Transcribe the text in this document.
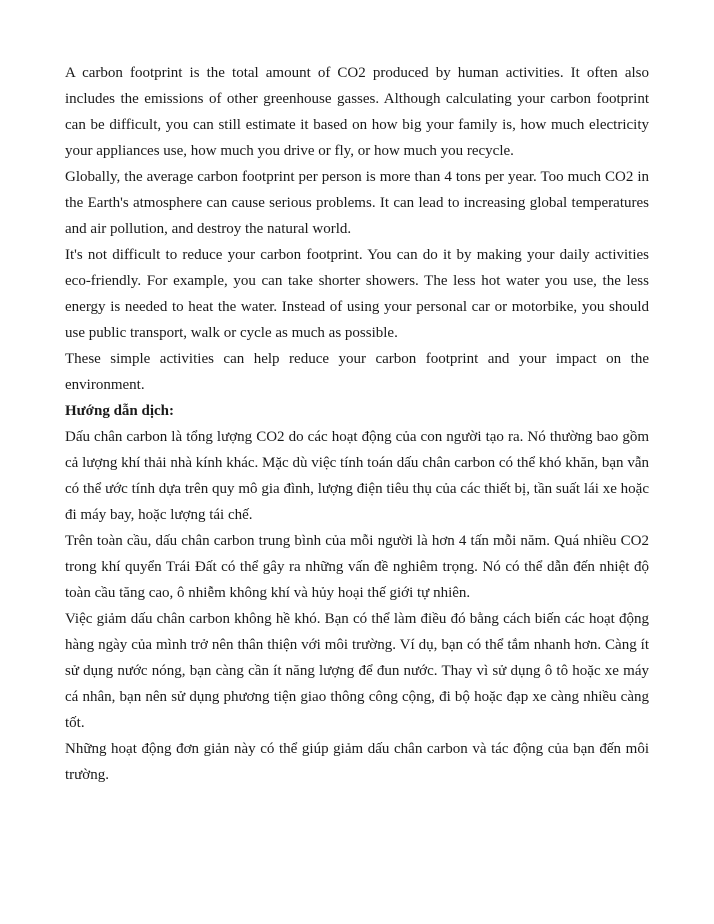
A carbon footprint is the total amount of CO2 produced by human activities. It often also includes the emissions of other greenhouse gasses. Although calculating your carbon footprint can be difficult, you can still estimate it based on how big your family is, how much electricity your appliances use, how much you drive or fly, or how much you recycle.

Globally, the average carbon footprint per person is more than 4 tons per year. Too much CO2 in the Earth's atmosphere can cause serious problems. It can lead to increasing global temperatures and air pollution, and destroy the natural world.

It's not difficult to reduce your carbon footprint. You can do it by making your daily activities eco-friendly. For example, you can take shorter showers. The less hot water you use, the less energy is needed to heat the water. Instead of using your personal car or motorbike, you should use public transport, walk or cycle as much as possible.

These simple activities can help reduce your carbon footprint and your impact on the environment.

Hướng dẫn dịch:

Dấu chân carbon là tổng lượng CO2 do các hoạt động của con người tạo ra. Nó thường bao gồm cả lượng khí thải nhà kính khác. Mặc dù việc tính toán dấu chân carbon có thể khó khăn, bạn vẫn có thể ước tính dựa trên quy mô gia đình, lượng điện tiêu thụ của các thiết bị, tần suất lái xe hoặc đi máy bay, hoặc lượng tái chế.

Trên toàn cầu, dấu chân carbon trung bình của mỗi người là hơn 4 tấn mỗi năm. Quá nhiều CO2 trong khí quyển Trái Đất có thể gây ra những vấn đề nghiêm trọng. Nó có thể dẫn đến nhiệt độ toàn cầu tăng cao, ô nhiễm không khí và hủy hoại thế giới tự nhiên.

Việc giảm dấu chân carbon không hề khó. Bạn có thể làm điều đó bằng cách biến các hoạt động hàng ngày của mình trở nên thân thiện với môi trường. Ví dụ, bạn có thể tắm nhanh hơn. Càng ít sử dụng nước nóng, bạn càng cần ít năng lượng để đun nước. Thay vì sử dụng ô tô hoặc xe máy cá nhân, bạn nên sử dụng phương tiện giao thông công cộng, đi bộ hoặc đạp xe càng nhiều càng tốt.

Những hoạt động đơn giản này có thể giúp giảm dấu chân carbon và tác động của bạn đến môi trường.
